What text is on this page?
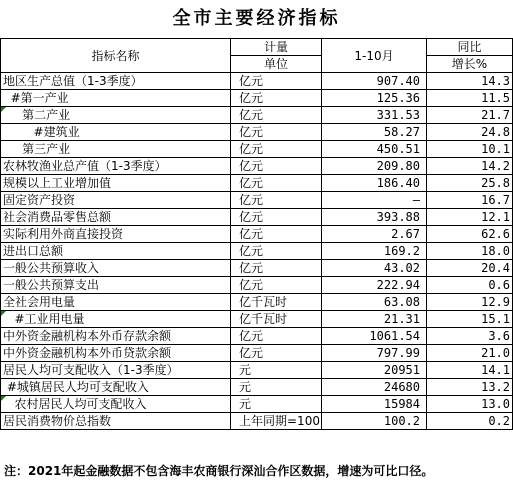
全市主要经济指标
指标名称	计量	1-10月	同比
	单位		增长%
地区生产总值（1-3季度）	亿元	907.40	14.3
#第一产业	亿元	125.36	11.5
第二产业	亿元	331.53	21.7
#建筑业	亿元	58.27	24.8
第三产业	亿元	450.51	10.1
农林牧渔业总产值（1-3季度）	亿元	209.80	14.2
规模以上工业增加值	亿元	186.40	25.8
固定资产投资	亿元	—	16.7
社会消费品零售总额	亿元	393.88	12.1
实际利用外商直接投资	亿元	2.67	62.6
进出口总额	亿元	169.2	18.0
一般公共预算收入	亿元	43.02	20.4
一般公共预算支出	亿元	222.94	0.6
全社会用电量	亿千瓦时	63.08	12.9
#工业用电量	亿千瓦时	21.31	15.1
中外资金融机构本外币存款余额	亿元	1061.54	3.6
中外资金融机构本外币贷款余额	亿元	797.99	21.0
居民人均可支配收入（1-3季度）	元	20951	14.1
#城镇居民人均可支配收入	元	24680	13.2
农村居民人均可支配收入	元	15984	13.0
居民消费物价总指数	上年同期=100	100.2	0.2
注：2021年起金融数据不包含海丰农商银行深汕合作区数据，增速为可比口径。
